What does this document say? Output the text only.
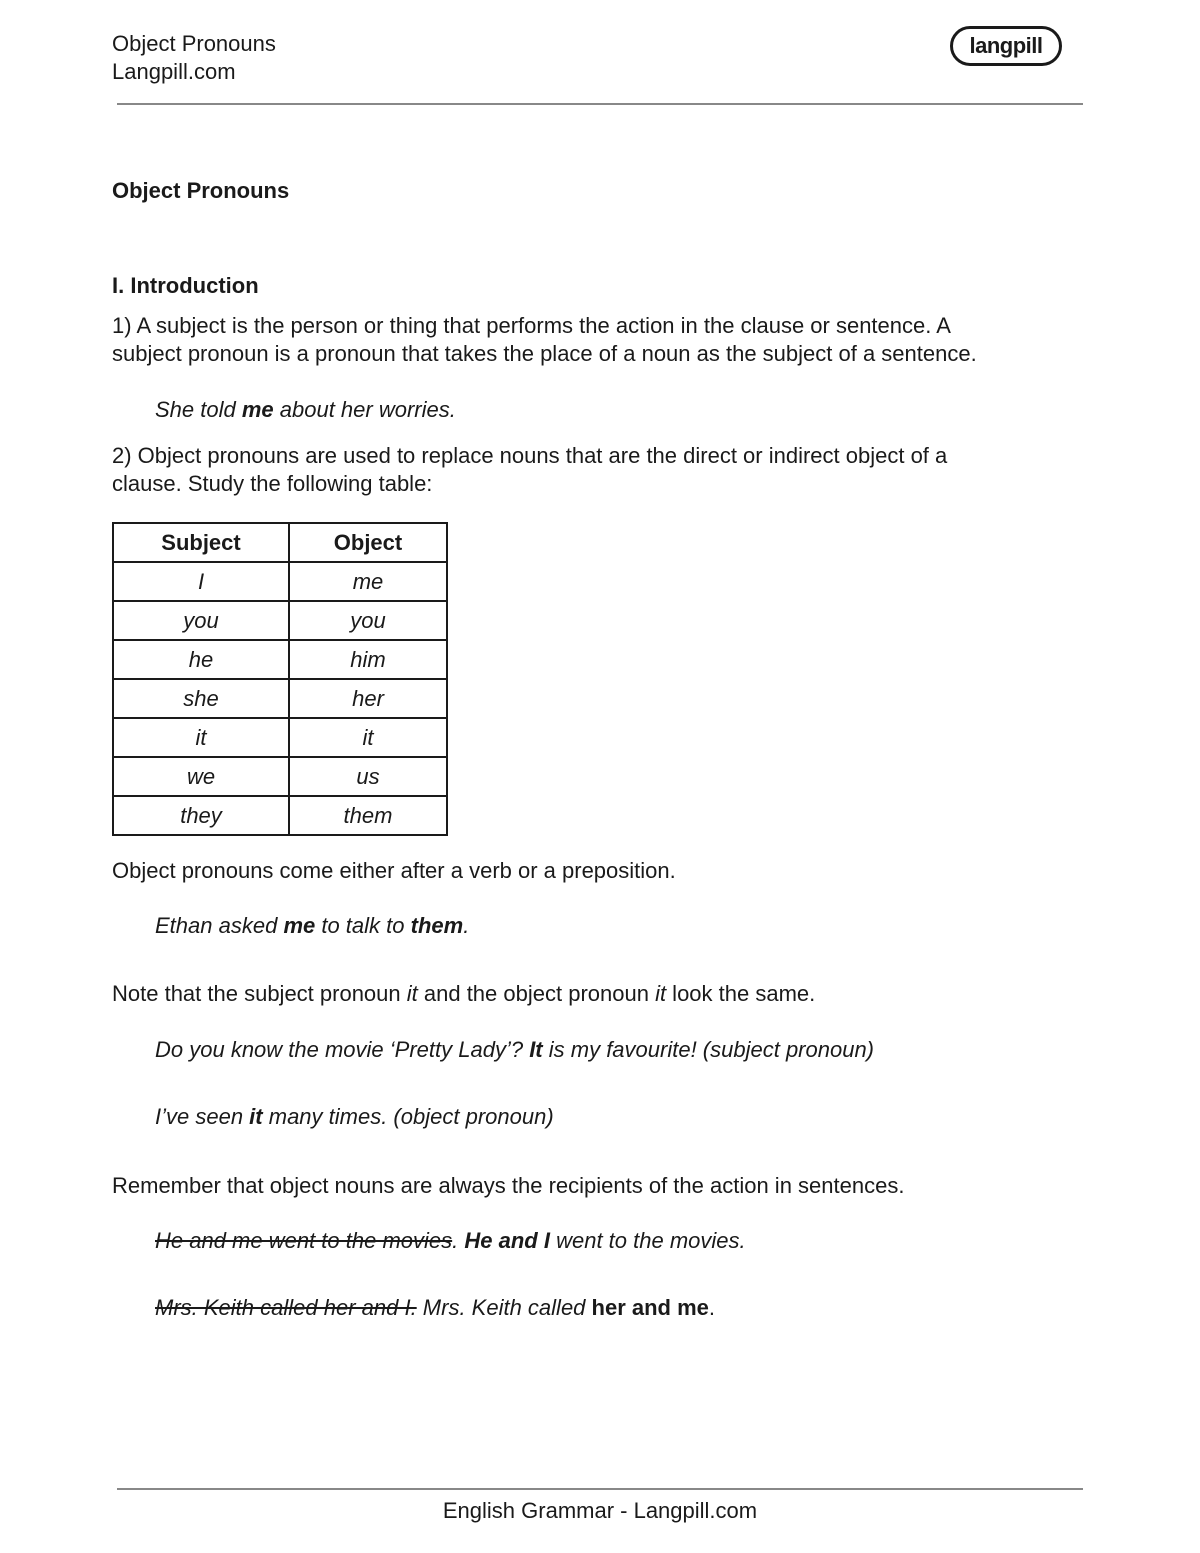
Object Pronouns
Langpill.com
langpill
Object Pronouns
I. Introduction
1) A subject is the person or thing that performs the action in the clause or sentence. A
subject pronoun is a pronoun that takes the place of a noun as the subject of a sentence.
She told me about her worries.
2) Object pronouns are used to replace nouns that are the direct or indirect object of a
clause. Study the following table:
Subject	Object
I	me
you	you
he	him
she	her
it	it
we	us
they	them
Object pronouns come either after a verb or a preposition.
Ethan asked me to talk to them.
Note that the subject pronoun it and the object pronoun it look the same.
Do you know the movie ‘Pretty Lady’? It is my favourite! (subject pronoun)
I’ve seen it many times. (object pronoun)
Remember that object nouns are always the recipients of the action in sentences.
He and me went to the movies. He and I went to the movies.
Mrs. Keith called her and I. Mrs. Keith called her and me.
English Grammar - Langpill.com
